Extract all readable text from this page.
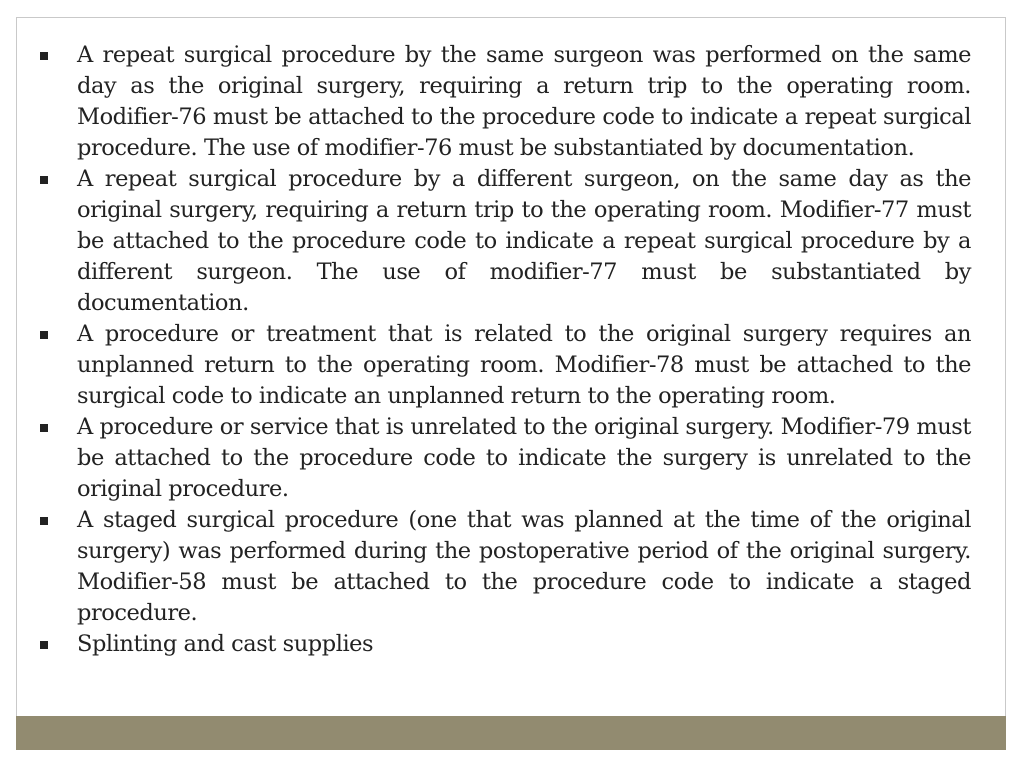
A repeat surgical procedure by the same surgeon was performed on the same day as the original surgery, requiring a return trip to the operating room. Modifier-76 must be attached to the procedure code to indicate a repeat surgical procedure. The use of modifier-76 must be substantiated by documentation.
A repeat surgical procedure by a different surgeon, on the same day as the original surgery, requiring a return trip to the operating room. Modifier-77 must be attached to the procedure code to indicate a repeat surgical procedure by a different surgeon. The use of modifier-77 must be substantiated by documentation.
A procedure or treatment that is related to the original surgery requires an unplanned return to the operating room. Modifier-78 must be attached to the surgical code to indicate an unplanned return to the operating room.
A procedure or service that is unrelated to the original surgery. Modifier-79 must be attached to the procedure code to indicate the surgery is unrelated to the original procedure.
A staged surgical procedure (one that was planned at the time of the original surgery) was performed during the postoperative period of the original surgery. Modifier-58 must be attached to the procedure code to indicate a staged procedure.
Splinting and cast supplies
